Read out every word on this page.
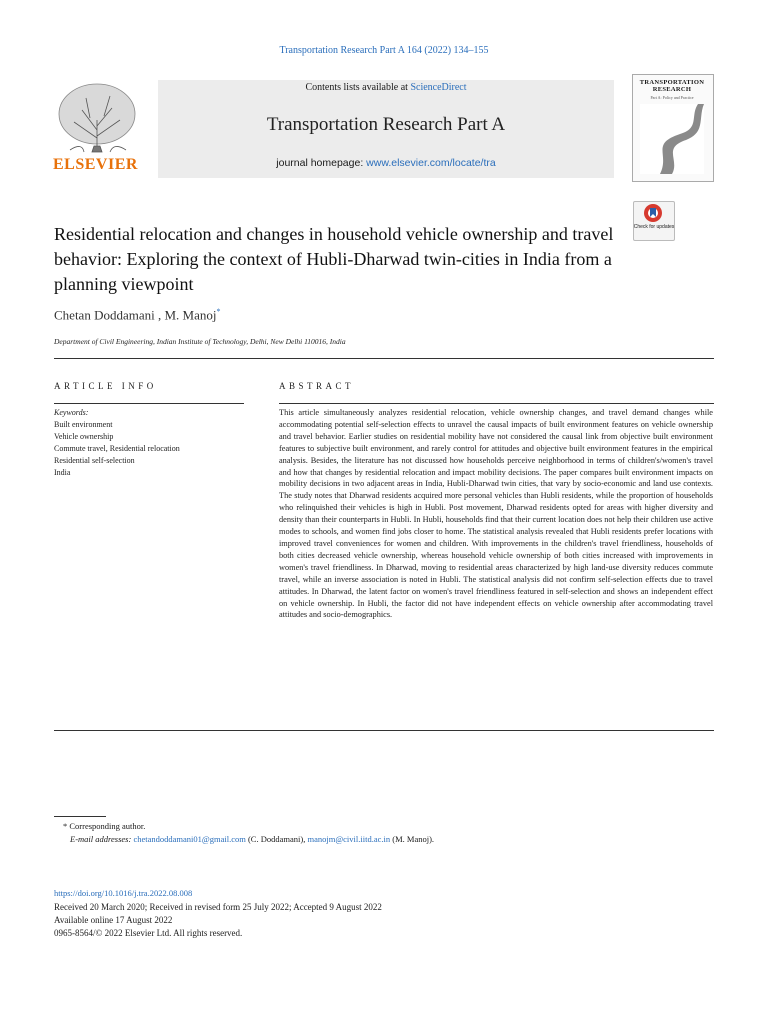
Transportation Research Part A 164 (2022) 134–155
ELSEVIER
Contents lists available at ScienceDirect
Transportation Research Part A
journal homepage: www.elsevier.com/locate/tra
TRANSPORTATION RESEARCH
Part A: Policy and Practice
Check for updates
Residential relocation and changes in household vehicle ownership and travel behavior: Exploring the context of Hubli-Dharwad twin-cities in India from a planning viewpoint
Chetan Doddamani , M. Manoj*
Department of Civil Engineering, Indian Institute of Technology, Delhi, New Delhi 110016, India
ARTICLE INFO
Keywords:
Built environment
Vehicle ownership
Commute travel, Residential relocation
Residential self-selection
India
ABSTRACT
This article simultaneously analyzes residential relocation, vehicle ownership changes, and travel demand changes while accommodating potential self-selection effects to unravel the causal impacts of built environment features on vehicle ownership and travel behavior. Earlier studies on residential mobility have not considered the causal link from objective built environment features to subjective built environment, and rarely control for attitudes and objective built environment features in the empirical analysis. Besides, the literature has not discussed how households perceive neighborhood in terms of children's/women's travel and how that changes by residential relocation and impact mobility decisions. The paper compares built environment impacts on mobility decisions in two adjacent areas in India, Hubli-Dharwad twin cities, that vary by socio-economic and land use contexts. The study notes that Dharwad residents acquired more personal vehicles than Hubli residents, while the proportion of households who relinquished their vehicles is high in Hubli. Post movement, Dharwad residents opted for areas with higher diversity and density than their counterparts in Hubli. In Hubli, households find that their current location does not help their children use active modes to schools, and women find jobs closer to home. The statistical analysis revealed that Hubli residents prefer locations with improved travel conveniences for women and children. With improvements in the children's travel friendliness, households of both cities decreased vehicle ownership, whereas household vehicle ownership of both cities increased with improvements in women's travel friendliness. In Dharwad, moving to residential areas characterized by high land-use diversity reduces commute travel, while an inverse association is noted in Hubli. The statistical analysis did not confirm self-selection effects due to travel attitudes. In Dharwad, the latent factor on women's travel friendliness featured in self-selection and shows an independent effect on vehicle ownership. In Hubli, the factor did not have independent effects on vehicle ownership after accommodating travel attitudes and socio-demographics.
* Corresponding author.
E-mail addresses: chetandoddamani01@gmail.com (C. Doddamani), manojm@civil.iitd.ac.in (M. Manoj).
https://doi.org/10.1016/j.tra.2022.08.008
Received 20 March 2020; Received in revised form 25 July 2022; Accepted 9 August 2022
Available online 17 August 2022
0965-8564/© 2022 Elsevier Ltd. All rights reserved.
